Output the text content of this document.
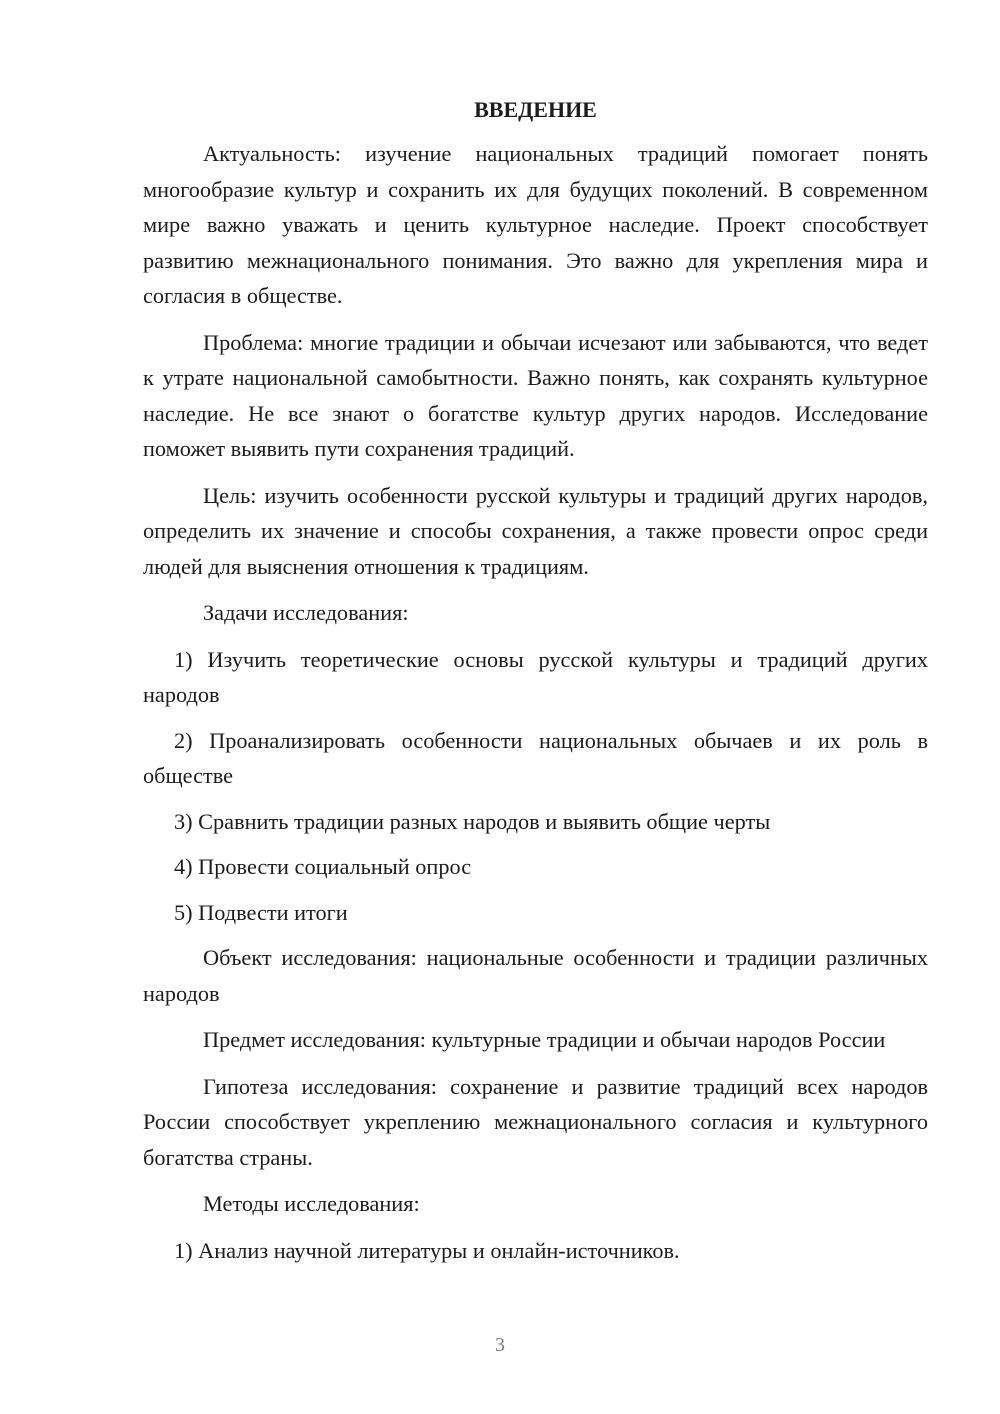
ВВЕДЕНИЕ

Актуальность: изучение национальных традиций помогает понять многообразие культур и сохранить их для будущих поколений. В современном мире важно уважать и ценить культурное наследие. Проект способствует развитию межнационального понимания. Это важно для укрепления мира и согласия в обществе.

Проблема: многие традиции и обычаи исчезают или забываются, что ведет к утрате национальной самобытности. Важно понять, как сохранять культурное наследие. Не все знают о богатстве культур других народов. Исследование поможет выявить пути сохранения традиций.

Цель: изучить особенности русской культуры и традиций других народов, определить их значение и способы сохранения, а также провести опрос среди людей для выяснения отношения к традициям.

Задачи исследования:

1) Изучить теоретические основы русской культуры и традиций других народов

2) Проанализировать особенности национальных обычаев и их роль в обществе

3) Сравнить традиции разных народов и выявить общие черты

4) Провести социальный опрос

5) Подвести итоги

Объект исследования: национальные особенности и традиции различных народов

Предмет исследования: культурные традиции и обычаи народов России

Гипотеза исследования: сохранение и развитие традиций всех народов России способствует укреплению межнационального согласия и культурного богатства страны.

Методы исследования:

1) Анализ научной литературы и онлайн-источников.

3
